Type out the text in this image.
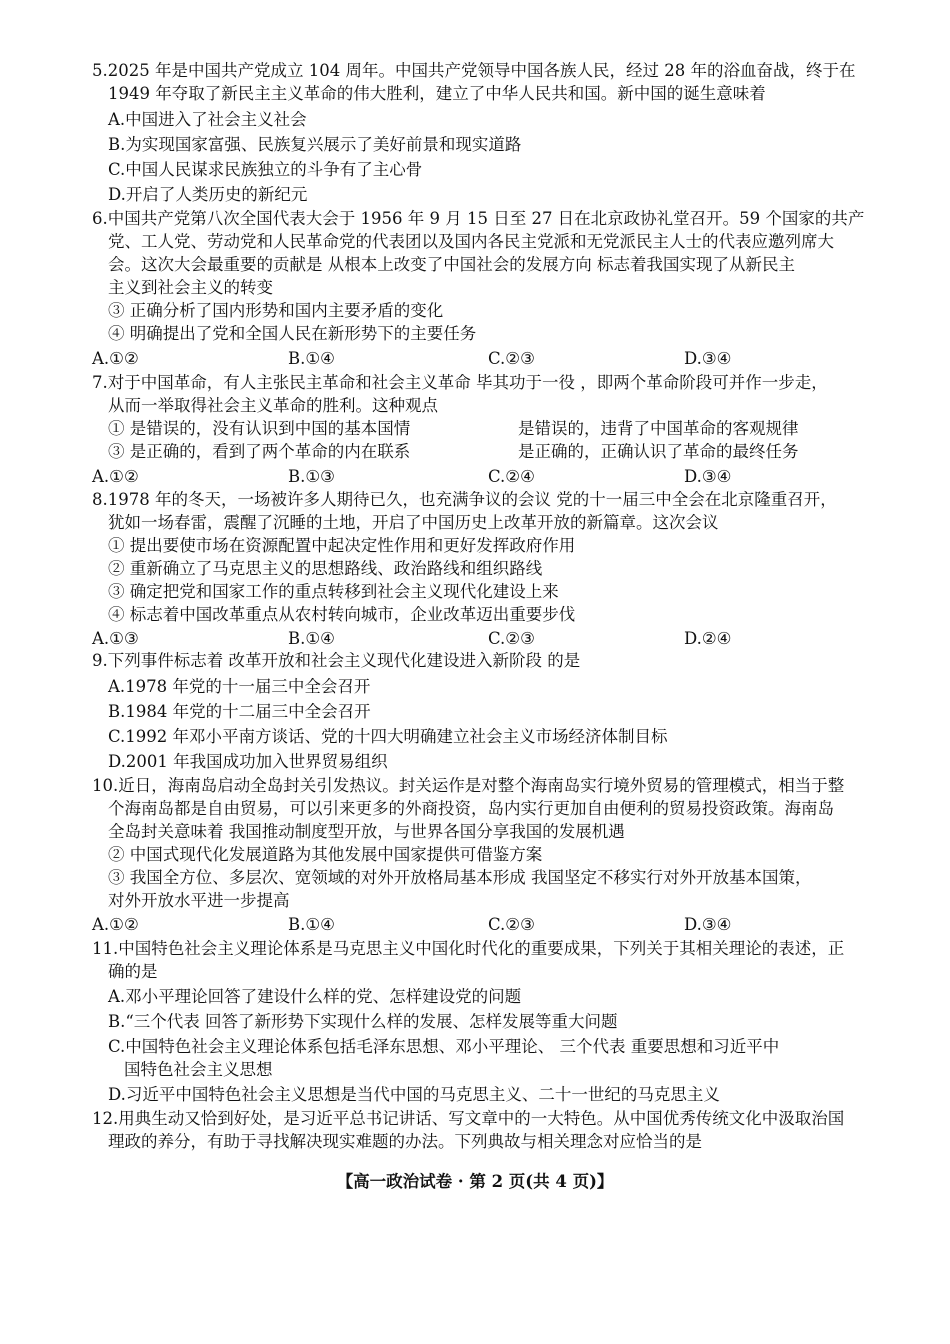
5.2025 年是中国共产党成立 104 周年。中国共产党领导中国各族人民，经过 28 年的浴血奋战，终于在
1949 年夺取了新民主主义革命的伟大胜利，建立了中华人民共和国。新中国的诞生意味着
A.中国进入了社会主义社会
B.为实现国家富强、民族复兴展示了美好前景和现实道路
C.中国人民谋求民族独立的斗争有了主心骨
D.开启了人类历史的新纪元
6.中国共产党第八次全国代表大会于 1956 年 9 月 15 日至 27 日在北京政协礼堂召开。59 个国家的共产
党、工人党、劳动党和人民革命党的代表团以及国内各民主党派和无党派民主人士的代表应邀列席大
会。这次大会最重要的贡献是 从根本上改变了中国社会的发展方向 标志着我国实现了从新民主
主义到社会主义的转变
③ 正确分析了国内形势和国内主要矛盾的变化
④ 明确提出了党和全国人民在新形势下的主要任务
A.①②	B.①④	C.②③	D.③④
7.对于中国革命，有人主张民主革命和社会主义革命 毕其功于一役 ，即两个革命阶段可并作一步走，
从而一举取得社会主义革命的胜利。这种观点
① 是错误的，没有认识到中国的基本国情	是错误的，违背了中国革命的客观规律
③ 是正确的，看到了两个革命的内在联系	是正确的，正确认识了革命的最终任务
A.①②	B.①③	C.②④	D.③④
8.1978 年的冬天，一场被许多人期待已久，也充满争议的会议 党的十一届三中全会在北京隆重召开，
犹如一场春雷，震醒了沉睡的土地，开启了中国历史上改革开放的新篇章。这次会议
① 提出要使市场在资源配置中起决定性作用和更好发挥政府作用
② 重新确立了马克思主义的思想路线、政治路线和组织路线
③ 确定把党和国家工作的重点转移到社会主义现代化建设上来
④ 标志着中国改革重点从农村转向城市，企业改革迈出重要步伐
A.①③	B.①④	C.②③	D.②④
9.下列事件标志着 改革开放和社会主义现代化建设进入新阶段 的是
A.1978 年党的十一届三中全会召开
B.1984 年党的十二届三中全会召开
C.1992 年邓小平南方谈话、党的十四大明确建立社会主义市场经济体制目标
D.2001 年我国成功加入世界贸易组织
10.近日，海南岛启动全岛封关引发热议。封关运作是对整个海南岛实行境外贸易的管理模式，相当于整
个海南岛都是自由贸易，可以引来更多的外商投资，岛内实行更加自由便利的贸易投资政策。海南岛
全岛封关意味着 我国推动制度型开放，与世界各国分享我国的发展机遇
② 中国式现代化发展道路为其他发展中国家提供可借鉴方案
③ 我国全方位、多层次、宽领域的对外开放格局基本形成 我国坚定不移实行对外开放基本国策，
对外开放水平进一步提高
A.①②	B.①④	C.②③	D.③④
11.中国特色社会主义理论体系是马克思主义中国化时代化的重要成果，下列关于其相关理论的表述，正
确的是
A.邓小平理论回答了建设什么样的党、怎样建设党的问题
B.“三个代表 回答了新形势下实现什么样的发展、怎样发展等重大问题
C.中国特色社会主义理论体系包括毛泽东思想、邓小平理论、 三个代表 重要思想和习近平中
国特色社会主义思想
D.习近平中国特色社会主义思想是当代中国的马克思主义、二十一世纪的马克思主义
12.用典生动又恰到好处，是习近平总书记讲话、写文章中的一大特色。从中国优秀传统文化中汲取治国
理政的养分，有助于寻找解决现实难题的办法。下列典故与相关理念对应恰当的是
【高一政治试卷 · 第 2 页(共 4 页)】
